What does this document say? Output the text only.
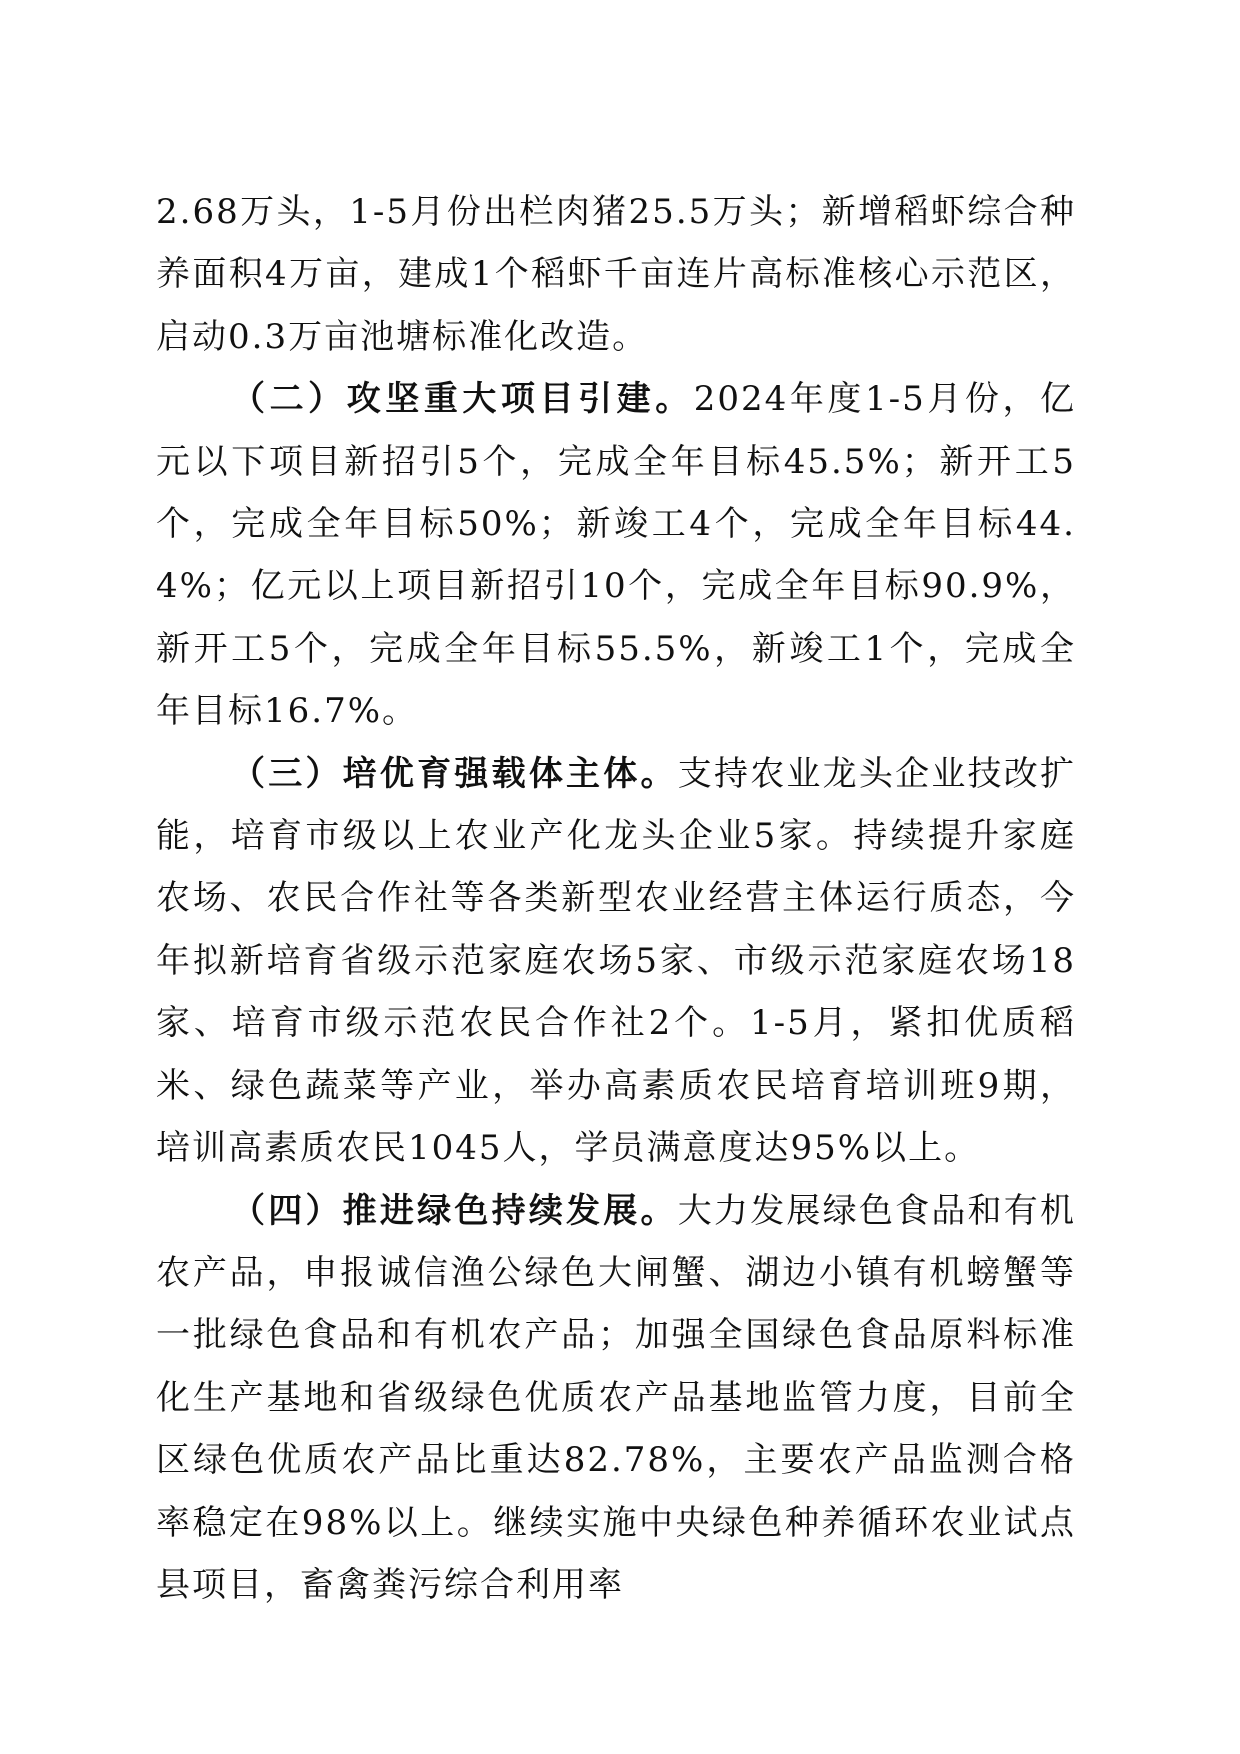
2.68万头，1-5月份出栏肉猪25.5万头；新增稻虾综合种养面积4万亩，建成1个稻虾千亩连片高标准核心示范区，启动0.3万亩池塘标准化改造。

（二）攻坚重大项目引建。2024年度1-5月份，亿元以下项目新招引5个，完成全年目标45.5%；新开工5个，完成全年目标50%；新竣工4个，完成全年目标44.4%；亿元以上项目新招引10个，完成全年目标90.9%，新开工5个，完成全年目标55.5%，新竣工1个，完成全年目标16.7%。

（三）培优育强载体主体。支持农业龙头企业技改扩能，培育市级以上农业产化龙头企业5家。持续提升家庭农场、农民合作社等各类新型农业经营主体运行质态，今年拟新培育省级示范家庭农场5家、市级示范家庭农场18家、培育市级示范农民合作社2个。1-5月，紧扣优质稻米、绿色蔬菜等产业，举办高素质农民培育培训班9期，培训高素质农民1045人，学员满意度达95%以上。

（四）推进绿色持续发展。大力发展绿色食品和有机农产品，申报诚信渔公绿色大闸蟹、湖边小镇有机螃蟹等一批绿色食品和有机农产品；加强全国绿色食品原料标准化生产基地和省级绿色优质农产品基地监管力度，目前全区绿色优质农产品比重达82.78%，主要农产品监测合格率稳定在98%以上。继续实施中央绿色种养循环农业试点县项目，畜禽粪污综合利用率
